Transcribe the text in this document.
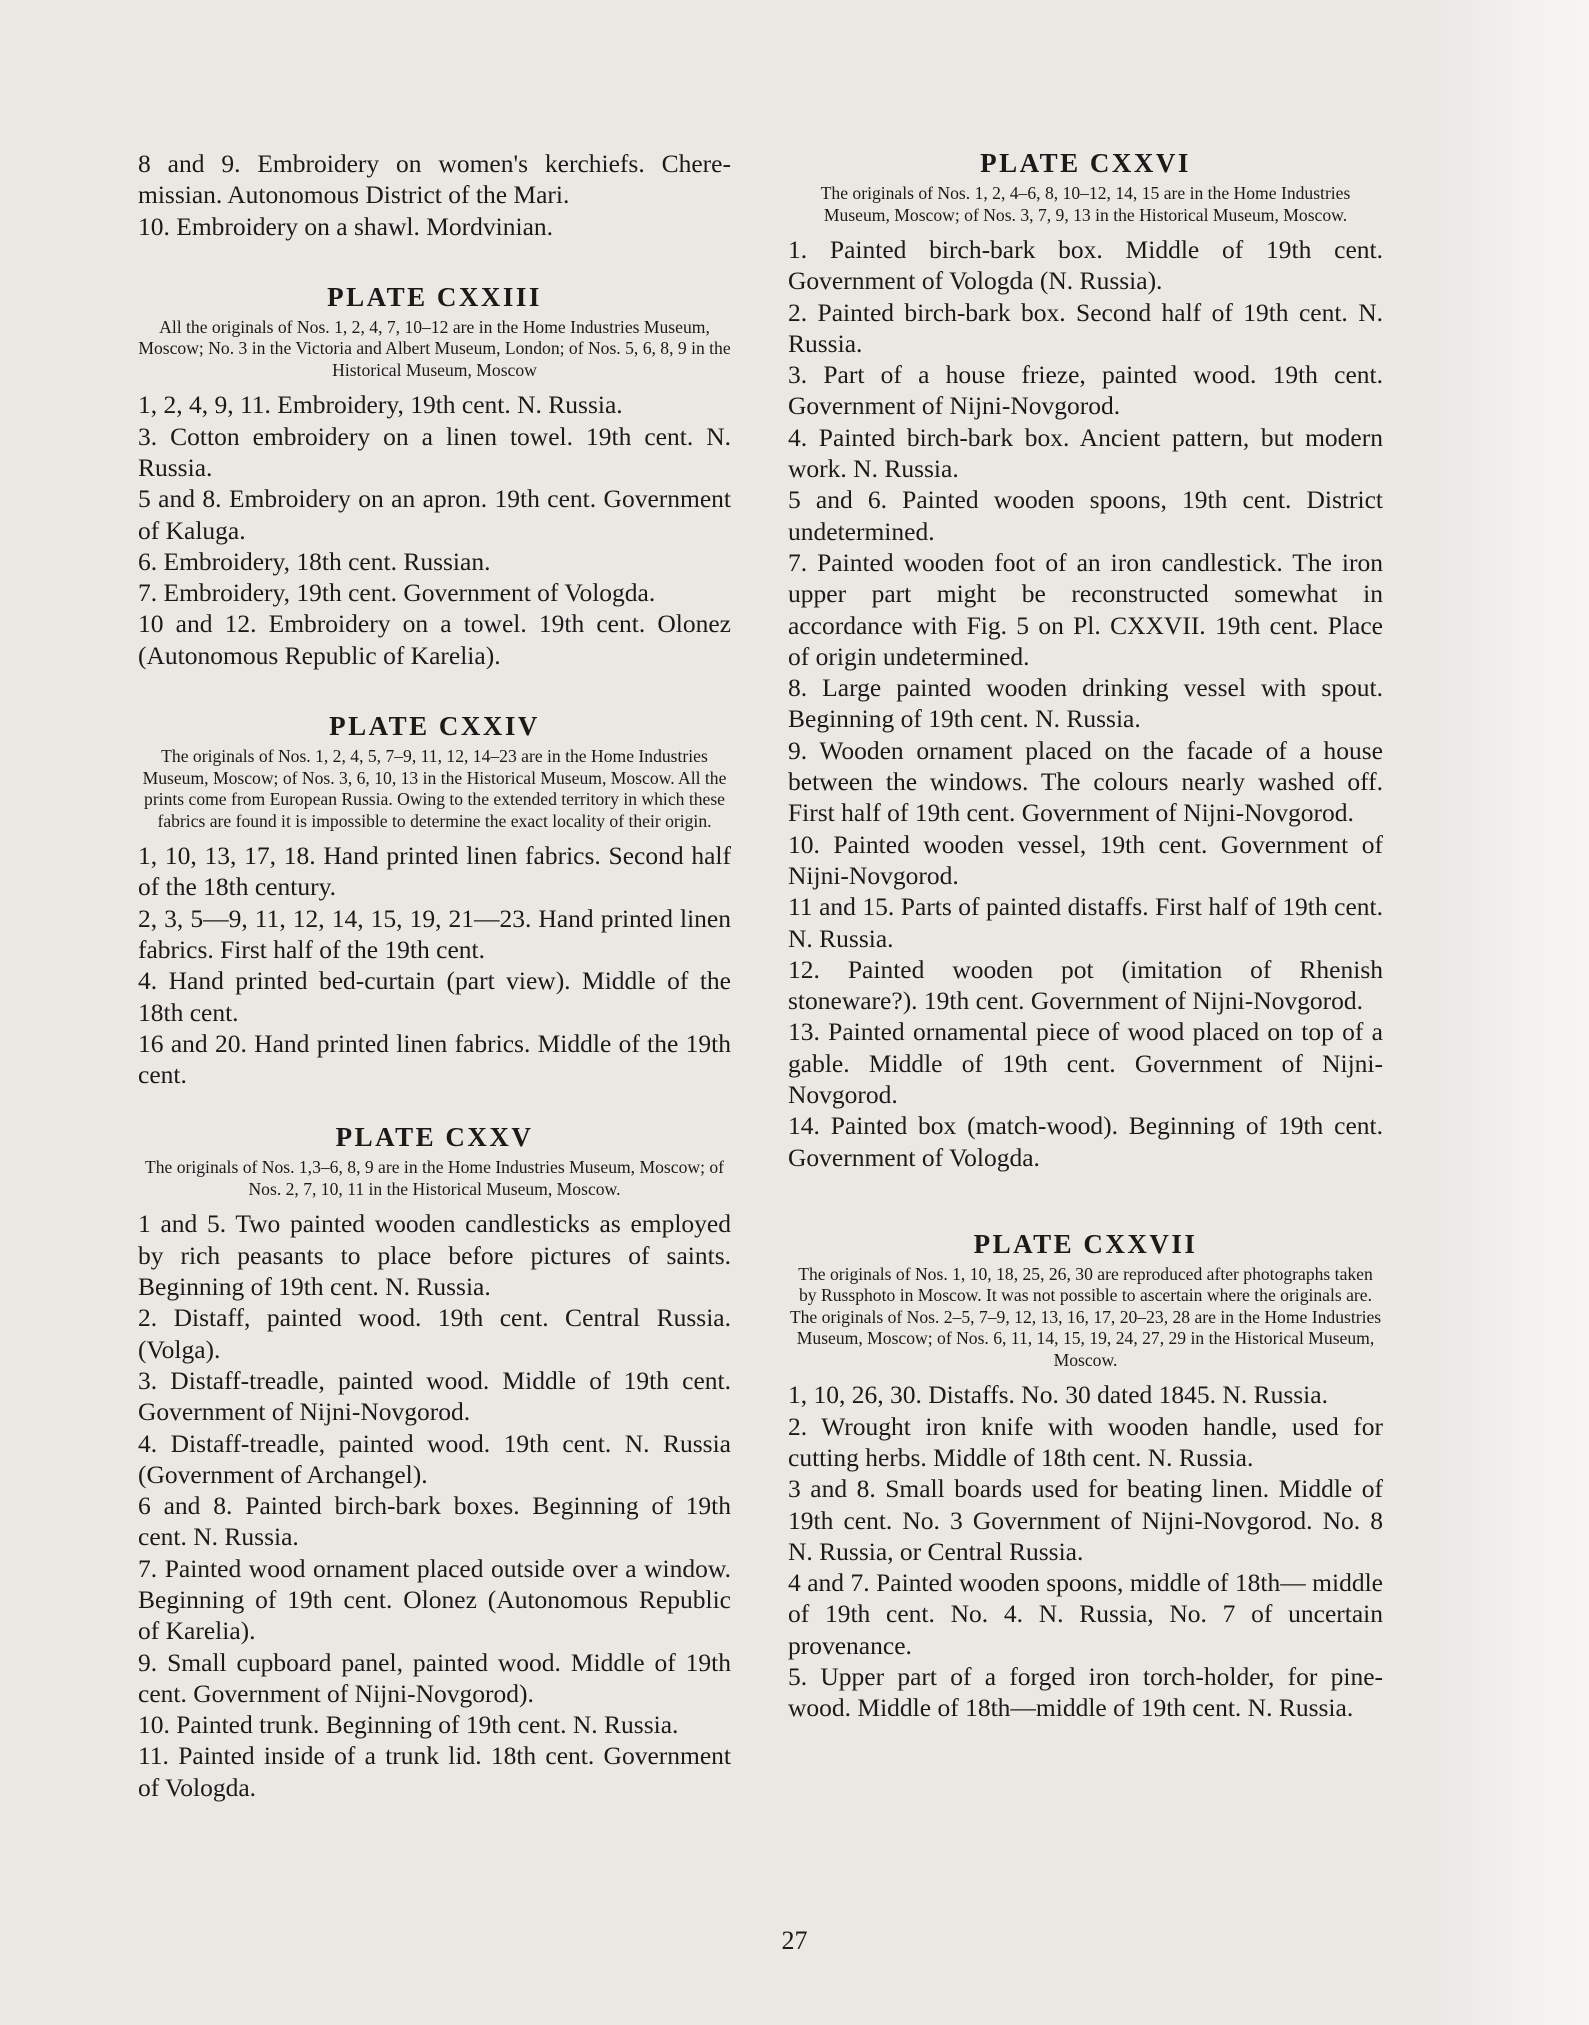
8 and 9. Embroidery on women's kerchiefs. Cheremissian. Autonomous District of the Mari.

10. Embroidery on a shawl. Mordvinian.

PLATE CXXIII

All the originals of Nos. 1, 2, 4, 7, 10–12 are in the Home Industries Museum, Moscow; No. 3 in the Victoria and Albert Museum, London; of Nos. 5, 6, 8, 9 in the Historical Museum, Moscow

1, 2, 4, 9, 11. Embroidery, 19th cent. N. Russia.

3. Cotton embroidery on a linen towel. 19th cent. N. Russia.

5 and 8. Embroidery on an apron. 19th cent. Government of Kaluga.

6. Embroidery, 18th cent. Russian.

7. Embroidery, 19th cent. Government of Vologda.

10 and 12. Embroidery on a towel. 19th cent. Olonez (Autonomous Republic of Karelia).

PLATE CXXIV

The originals of Nos. 1, 2, 4, 5, 7–9, 11, 12, 14–23 are in the Home Industries Museum, Moscow; of Nos. 3, 6, 10, 13 in the Historical Museum, Moscow. All the prints come from European Russia. Owing to the extended territory in which these fabrics are found it is impossible to determine the exact locality of their origin.

1, 10, 13, 17, 18. Hand printed linen fabrics. Second half of the 18th century.

2, 3, 5—9, 11, 12, 14, 15, 19, 21—23. Hand printed linen fabrics. First half of the 19th cent.

4. Hand printed bed-curtain (part view). Middle of the 18th cent.

16 and 20. Hand printed linen fabrics. Middle of the 19th cent.

PLATE CXXV

The originals of Nos. 1,3–6, 8, 9 are in the Home Industries Museum, Moscow; of Nos. 2, 7, 10, 11 in the Historical Museum, Moscow.

1 and 5. Two painted wooden candlesticks as employed by rich peasants to place before pictures of saints. Beginning of 19th cent. N. Russia.

2. Distaff, painted wood. 19th cent. Central Russia. (Volga).

3. Distaff-treadle, painted wood. Middle of 19th cent. Government of Nijni-Novgorod.

4. Distaff-treadle, painted wood. 19th cent. N. Russia (Government of Archangel).

6 and 8. Painted birch-bark boxes. Beginning of 19th cent. N. Russia.

7. Painted wood ornament placed outside over a window. Beginning of 19th cent. Olonez (Autonomous Republic of Karelia).

9. Small cupboard panel, painted wood. Middle of 19th cent. Government of Nijni-Novgorod).

10. Painted trunk. Beginning of 19th cent. N. Russia.

11. Painted inside of a trunk lid. 18th cent. Government of Vologda.

PLATE CXXVI

The originals of Nos. 1, 2, 4–6, 8, 10–12, 14, 15 are in the Home Industries Museum, Moscow; of Nos. 3, 7, 9, 13 in the Historical Museum, Moscow.

1. Painted birch-bark box. Middle of 19th cent. Government of Vologda (N. Russia).

2. Painted birch-bark box. Second half of 19th cent. N. Russia.

3. Part of a house frieze, painted wood. 19th cent. Government of Nijni-Novgorod.

4. Painted birch-bark box. Ancient pattern, but modern work. N. Russia.

5 and 6. Painted wooden spoons, 19th cent. District undetermined.

7. Painted wooden foot of an iron candlestick. The iron upper part might be reconstructed somewhat in accordance with Fig. 5 on Pl. CXXVII. 19th cent. Place of origin undetermined.

8. Large painted wooden drinking vessel with spout. Beginning of 19th cent. N. Russia.

9. Wooden ornament placed on the facade of a house between the windows. The colours nearly washed off. First half of 19th cent. Government of Nijni-Novgorod.

10. Painted wooden vessel, 19th cent. Government of Nijni-Novgorod.

11 and 15. Parts of painted distaffs. First half of 19th cent. N. Russia.

12. Painted wooden pot (imitation of Rhenish stoneware?). 19th cent. Government of Nijni-Novgorod.

13. Painted ornamental piece of wood placed on top of a gable. Middle of 19th cent. Government of Nijni-Novgorod.

14. Painted box (match-wood). Beginning of 19th cent. Government of Vologda.

PLATE CXXVII

The originals of Nos. 1, 10, 18, 25, 26, 30 are reproduced after photographs taken by Russphoto in Moscow. It was not possible to ascertain where the originals are. The originals of Nos. 2–5, 7–9, 12, 13, 16, 17, 20–23, 28 are in the Home Industries Museum, Moscow; of Nos. 6, 11, 14, 15, 19, 24, 27, 29 in the Historical Museum, Moscow.

1, 10, 26, 30. Distaffs. No. 30 dated 1845. N. Russia.

2. Wrought iron knife with wooden handle, used for cutting herbs. Middle of 18th cent. N. Russia.

3 and 8. Small boards used for beating linen. Middle of 19th cent. No. 3 Government of Nijni-Novgorod. No. 8 N. Russia, or Central Russia.

4 and 7. Painted wooden spoons, middle of 18th— middle of 19th cent. No. 4. N. Russia, No. 7 of uncertain provenance.

5. Upper part of a forged iron torch-holder, for pine-wood. Middle of 18th—middle of 19th cent. N. Russia.

27
